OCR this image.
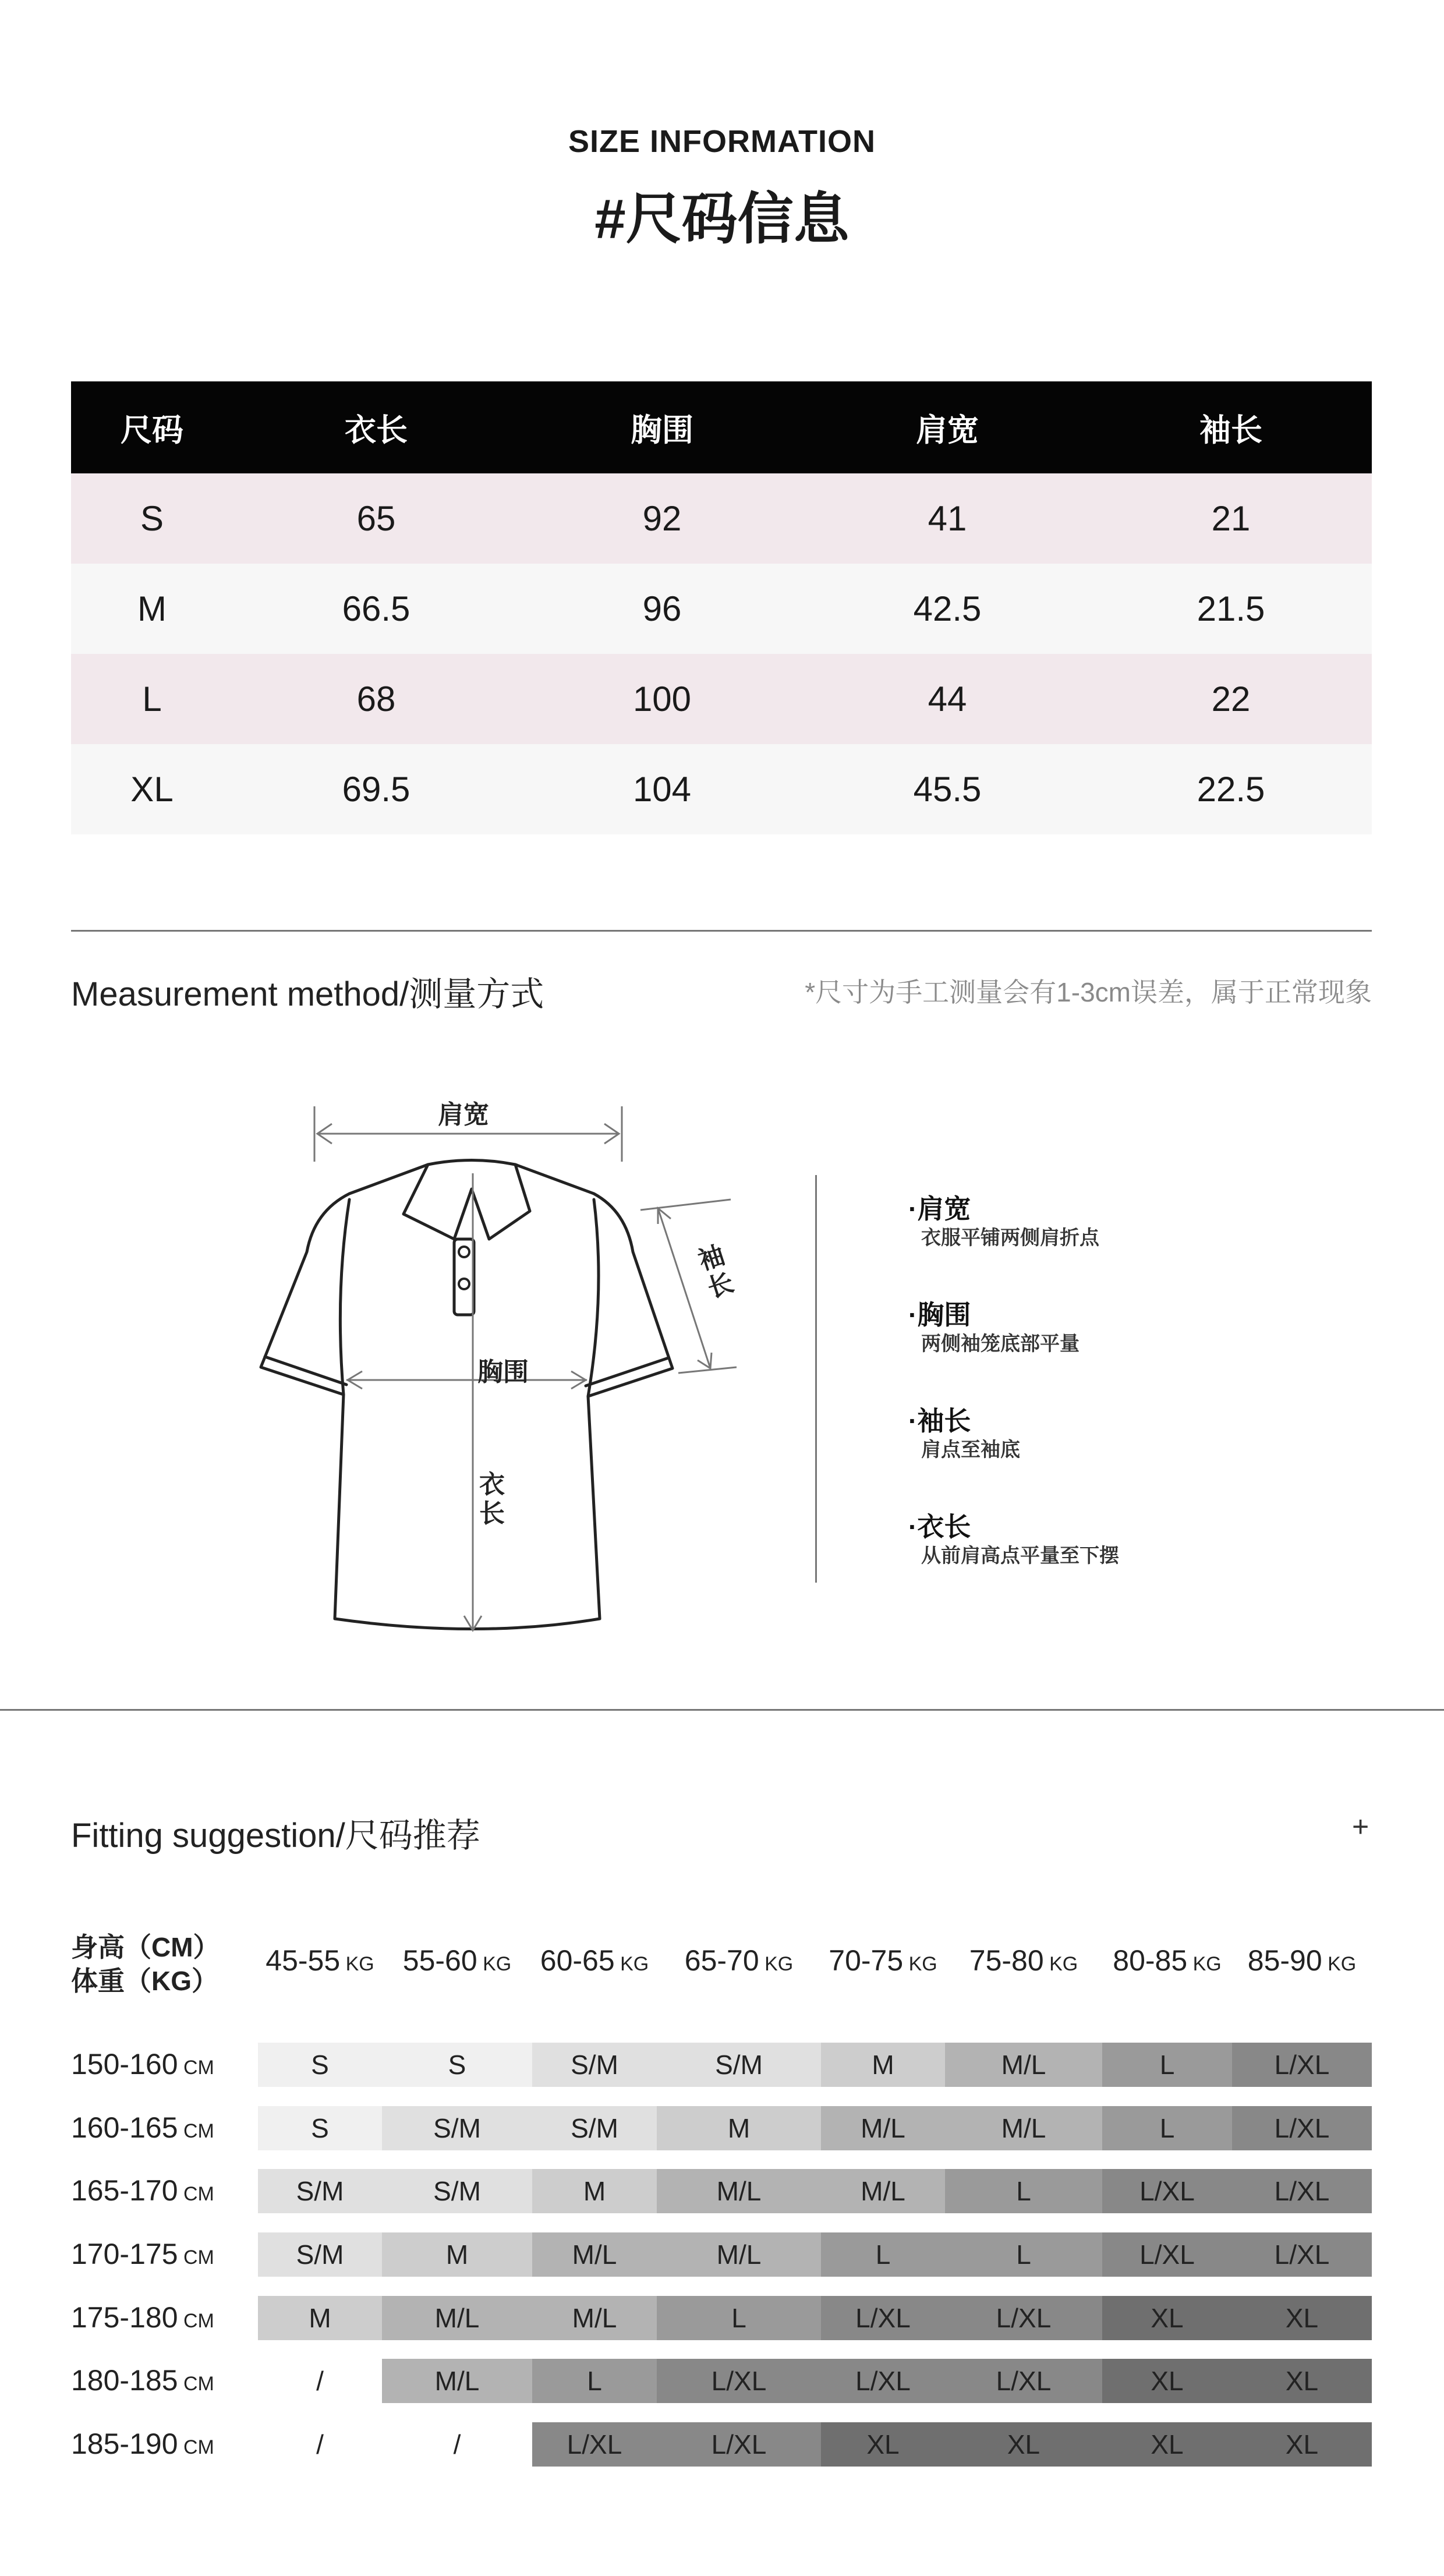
SIZE INFORMATION
#尺码信息
尺码	衣长	胸围	肩宽	袖长
S	65	92	41	21
M	66.5	96	42.5	21.5
L	68	100	44	22
XL	69.5	104	45.5	22.5
Measurement method/测量方式	*尺寸为手工测量会有1-3cm误差，属于正常现象
肩宽
胸围
衣长
袖长
·肩宽
衣服平铺两侧肩折点
·胸围
两侧袖笼底部平量
·袖长
肩点至袖底
·衣长
从前肩高点平量至下摆
Fitting suggestion/尺码推荐	+
身高（CM）
体重（KG）
45-55 KG 55-60 KG 60-65 KG	65-70 KG	70-75 KG	75-80 KG	80-85 KG 85-90 KG
150-160 CM	S	S	S/M	S/M	M	M/L	L	L/XL
160-165 CM	S	S/M	S/M	M	M/L	M/L	L	L/XL
165-170 CM	S/M	S/M	M	M/L	M/L	L	L/XL	L/XL
170-175 CM	S/M	M	M/L	M/L	L	L	L/XL	L/XL
175-180 CM	M	M/L	M/L	L	L/XL	L/XL	XL	XL
180-185 CM	/	M/L	L	L/XL	L/XL	L/XL	XL	XL
185-190 CM	/	/	L/XL	L/XL	XL	XL	XL	XL
